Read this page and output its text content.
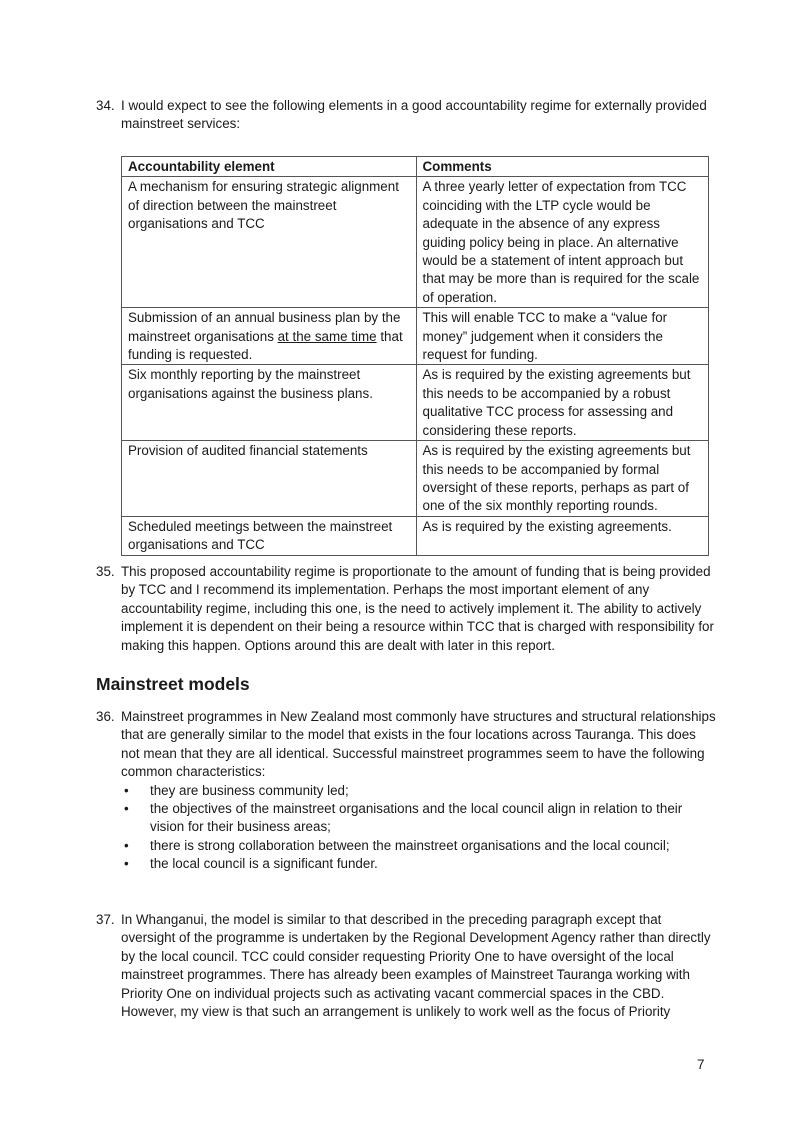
34. I would expect to see the following elements in a good accountability regime for externally provided mainstreet services:
Accountability element	Comments
A mechanism for ensuring strategic alignment of direction between the mainstreet organisations and TCC	A three yearly letter of expectation from TCC coinciding with the LTP cycle would be adequate in the absence of any express guiding policy being in place. An alternative would be a statement of intent approach but that may be more than is required for the scale of operation.
Submission of an annual business plan by the mainstreet organisations at the same time that funding is requested.	This will enable TCC to make a “value for money” judgement when it considers the request for funding.
Six monthly reporting by the mainstreet organisations against the business plans.	As is required by the existing agreements but this needs to be accompanied by a robust qualitative TCC process for assessing and considering these reports.
Provision of audited financial statements	As is required by the existing agreements but this needs to be accompanied by formal oversight of these reports, perhaps as part of one of the six monthly reporting rounds.
Scheduled meetings between the mainstreet organisations and TCC	As is required by the existing agreements.
35. This proposed accountability regime is proportionate to the amount of funding that is being provided by TCC and I recommend its implementation. Perhaps the most important element of any accountability regime, including this one, is the need to actively implement it. The ability to actively implement it is dependent on their being a resource within TCC that is charged with responsibility for making this happen. Options around this are dealt with later in this report.
Mainstreet models
36. Mainstreet programmes in New Zealand most commonly have structures and structural relationships that are generally similar to the model that exists in the four locations across Tauranga. This does not mean that they are all identical. Successful mainstreet programmes seem to have the following common characteristics:
• they are business community led;
• the objectives of the mainstreet organisations and the local council align in relation to their vision for their business areas;
• there is strong collaboration between the mainstreet organisations and the local council;
• the local council is a significant funder.
37. In Whanganui, the model is similar to that described in the preceding paragraph except that oversight of the programme is undertaken by the Regional Development Agency rather than directly by the local council. TCC could consider requesting Priority One to have oversight of the local mainstreet programmes. There has already been examples of Mainstreet Tauranga working with Priority One on individual projects such as activating vacant commercial spaces in the CBD. However, my view is that such an arrangement is unlikely to work well as the focus of Priority
7
